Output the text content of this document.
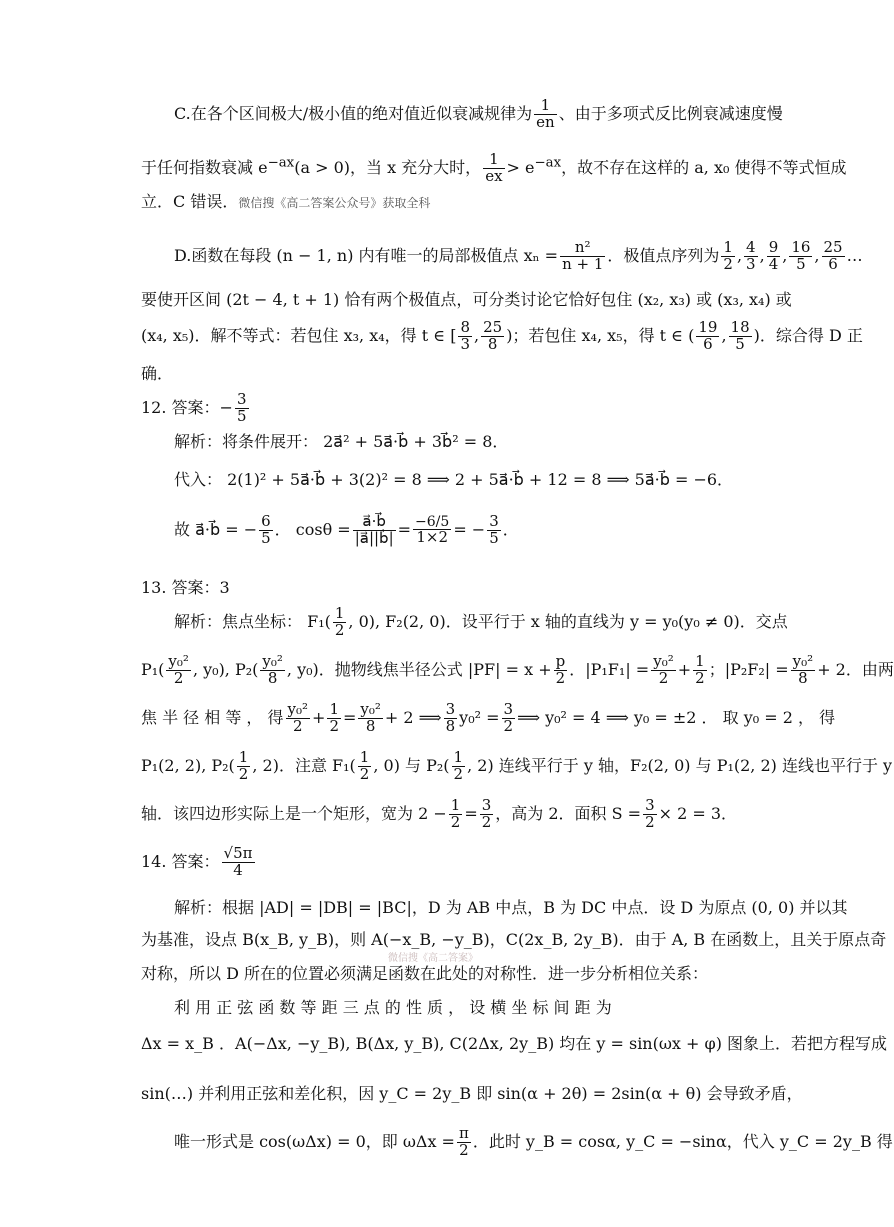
C.在各个区间极大/极小值的绝对值近似衰减规律为 $\frac{1}{en}$ 、由于多项式反比例衰减速度慢
于任何指数衰减 $e^{-ax}(a > 0)$，当 x 充分大时， $\frac{1}{ex} > e^{-ax}$，故不存在这样的 a, x₀ 使得不等式恒成
立．C 错误．微信搜《高二答案公众号》获取全科
D.函数在每段 (n − 1, n) 内有唯一的局部极值点 $x_n = \frac{\text{n²}}{n + 1}$ ．极值点序列为 $\frac{1}{2}$ , $\frac{4}{3}$ , $\frac{9}{4}$ , $\frac{16}{5}$ , $\frac{25}{6}$ …
要使开区间 (2t − 4, t + 1) 恰有两个极值点，可分类讨论它恰好包住 (x₂, x₃) 或 (x₃, x₄) 或
(x₄, x₅)．解不等式：若包住 x₃, x₄，得 t ∈ [ $\frac{8}{3}$ , $\frac{25}{8}$ )；若包住 x₄, x₅，得 t ∈ ( $\frac{19}{6}$ , $\frac{18}{5}$ )．综合得 D 正
确．
12. 答案：− $\frac{3}{5}$
解析：将条件展开： 2a⃗² + 5a⃗·b⃗ + 3b⃗² = 8．
代入： 2(1)² + 5a⃗·b⃗ + 3(2)² = 8 ⟹ 2 + 5a⃗·b⃗ + 12 = 8 ⟹ 5a⃗·b⃗ = −6．
故 a⃗·b⃗ = − $\frac{6}{5}$ ． $\cos\theta = \frac{a⃗\cdot b⃗}{|a⃗||b⃗|} = \frac{-6/5}{1\times 2}$ = − $\frac{3}{5}$ ．
13. 答案：3
解析：焦点坐标： $F_1( \frac{1}{2}$ , 0), F₂(2, 0)．设平行于 x 轴的直线为 y = y₀(y₀ ≠ 0)．交点
$P_1( \frac{\text{y₀²}}{2}$ , y₀), $P_2( \frac{\text{y₀²}}{8}$ , y₀)．抛物线焦半径公式 $|PF| = x + \frac{p}{2}$ ．$|P_1F_1| = \frac{\text{y₀²}}{2} + \frac{1}{2}$ ；$|P_2F_2| = \frac{\text{y₀²}}{8} + 2$．由两
焦 半 径 相 等 ， 得 $\frac{\text{y₀²}}{2} + \frac{1}{2} = \frac{\text{y₀²}}{8} + 2$ ⟹ $\frac{3}{8} y_0^2 = \frac{3}{2}$ ⟹ y₀² = 4 ⟹ y₀ = ±2 ． 取 y₀ = 2 ， 得
P₁(2, 2), $P_2( \frac{1}{2}$ , 2)．注意 $F_1( \frac{1}{2}$ , 0) 与 $P_2( \frac{1}{2}$ , 2) 连线平行于 y 轴，F₂(2, 0) 与 P₁(2, 2) 连线也平行于 y
轴．该四边形实际上是一个矩形，宽为 $2 - \frac{1}{2} = \frac{3}{2}$ ，高为 2．面积 $S = \frac{3}{2} \times 2 = 3$．
14. 答案： $\frac{√5\pi}{4}$
解析：根据 |AD| = |DB| = |BC|，D 为 AB 中点，B 为 DC 中点．设 D 为原点 (0, 0) 并以其
为基准，设点 B(x_B, y_B)，则 A(−x_B, −y_B)，C(2x_B, 2y_B)．由于 A, B 在函数上，且关于原点奇
微信搜《高二答案》
对称，所以 D 所在的位置必须满足函数在此处的对称性．进一步分析相位关系：
利 用 正 弦 函 数 等 距 三 点 的 性 质 ， 设 横 坐 标 间 距 为
Δx = x_B ．A(−Δx, −y_B), B(Δx, y_B), C(2Δx, 2y_B) 均在 y = sin(ωx + φ) 图象上．若把方程写成
sin(…) 并利用正弦和差化积，因 y_C = 2y_B 即 sin(α + 2θ) = 2sin(α + θ) 会导致矛盾，
唯一形式是 cos(ωΔx) = 0，即 $\omega\Delta x = \frac{\pi}{2}$ ．此时 y_B = cosα, y_C = −sinα，代入 y_C = 2y_B 得
